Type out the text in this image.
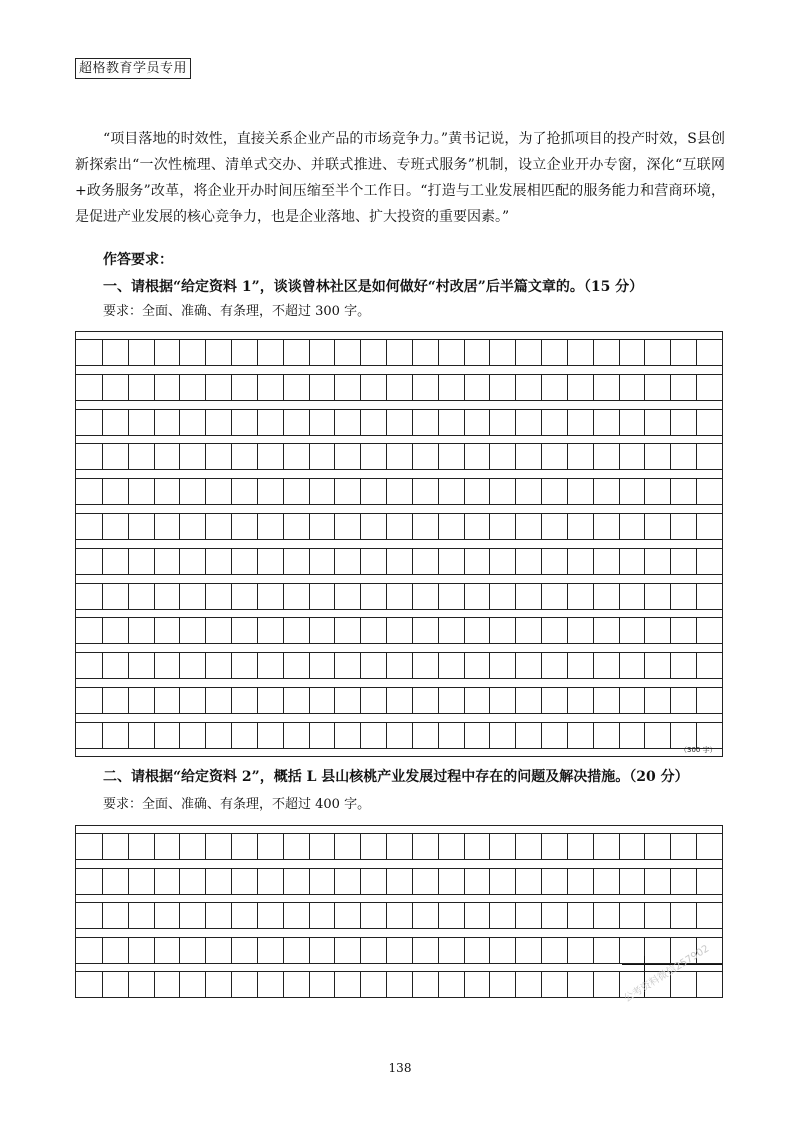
超格教育学员专用

“项目落地的时效性，直接关系企业产品的市场竞争力。”黄书记说，为了抢抓项目的投产时效，S县创新探索出“一次性梳理、清单式交办、并联式推进、专班式服务”机制，设立企业开办专窗，深化“互联网+政务服务”改革，将企业开办时间压缩至半个工作日。“打造与工业发展相匹配的服务能力和营商环境，是促进产业发展的核心竞争力，也是企业落地、扩大投资的重要因素。”

作答要求：
一、请根据“给定资料 1”，谈谈曾林社区是如何做好“村改居”后半篇文章的。（15 分）
要求：全面、准确、有条理，不超过 300 字。
（300 字）
二、请根据“给定资料 2”，概括 L 县山核桃产业发展过程中存在的问题及解决措施。（20 分）
要求：全面、准确、有条理，不超过 400 字。
公考资料微信257902
138
